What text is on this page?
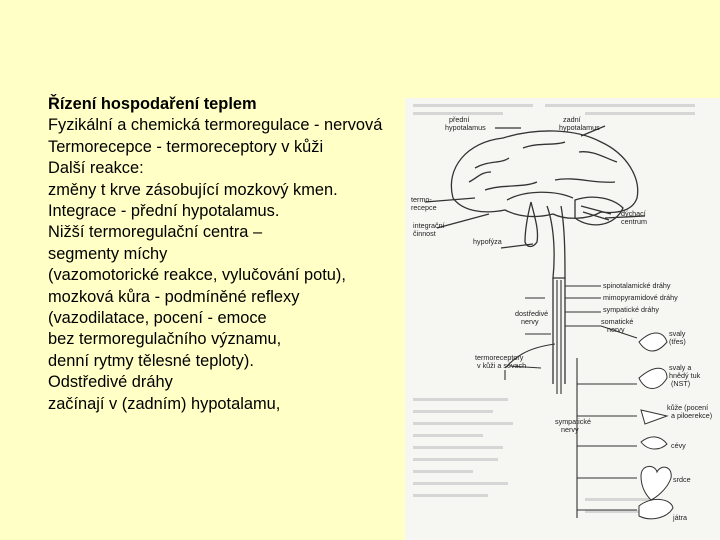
Řízení hospodaření teplem
Fyzikální a chemická termoregulace - nervová
Termorecepce - termoreceptory v kůži
Další reakce:
změny t krve zásobující mozkový kmen.
Integrace - přední hypotalamus.
Nižší termoregulační centra –
segmenty míchy
(vazomotorické reakce, vylučování potu),
mozková kůra - podmíněné reflexy
(vazodilatace, pocení - emoce
bez termoregulačního významu,
denní rytmy tělesné teploty).
Odstředivé dráhy
začínají v (zadním) hypotalamu,
přední
hypotalamus
zadní
hypotalamus
termo-
recepce
integrační
činnost
hypofýza
dýchací
centrum
spinotalamické dráhy
mimopyramidové dráhy
sympatické dráhy
dostředivé
nervy	somatické
nervy	svaly
(třes)
svaly a
hnědý tuk
(NST)
termoreceptory
v kůži a sévach
kůže (pocení
a piloerekce)
sympatické
nervy
cévy
srdce
játra
